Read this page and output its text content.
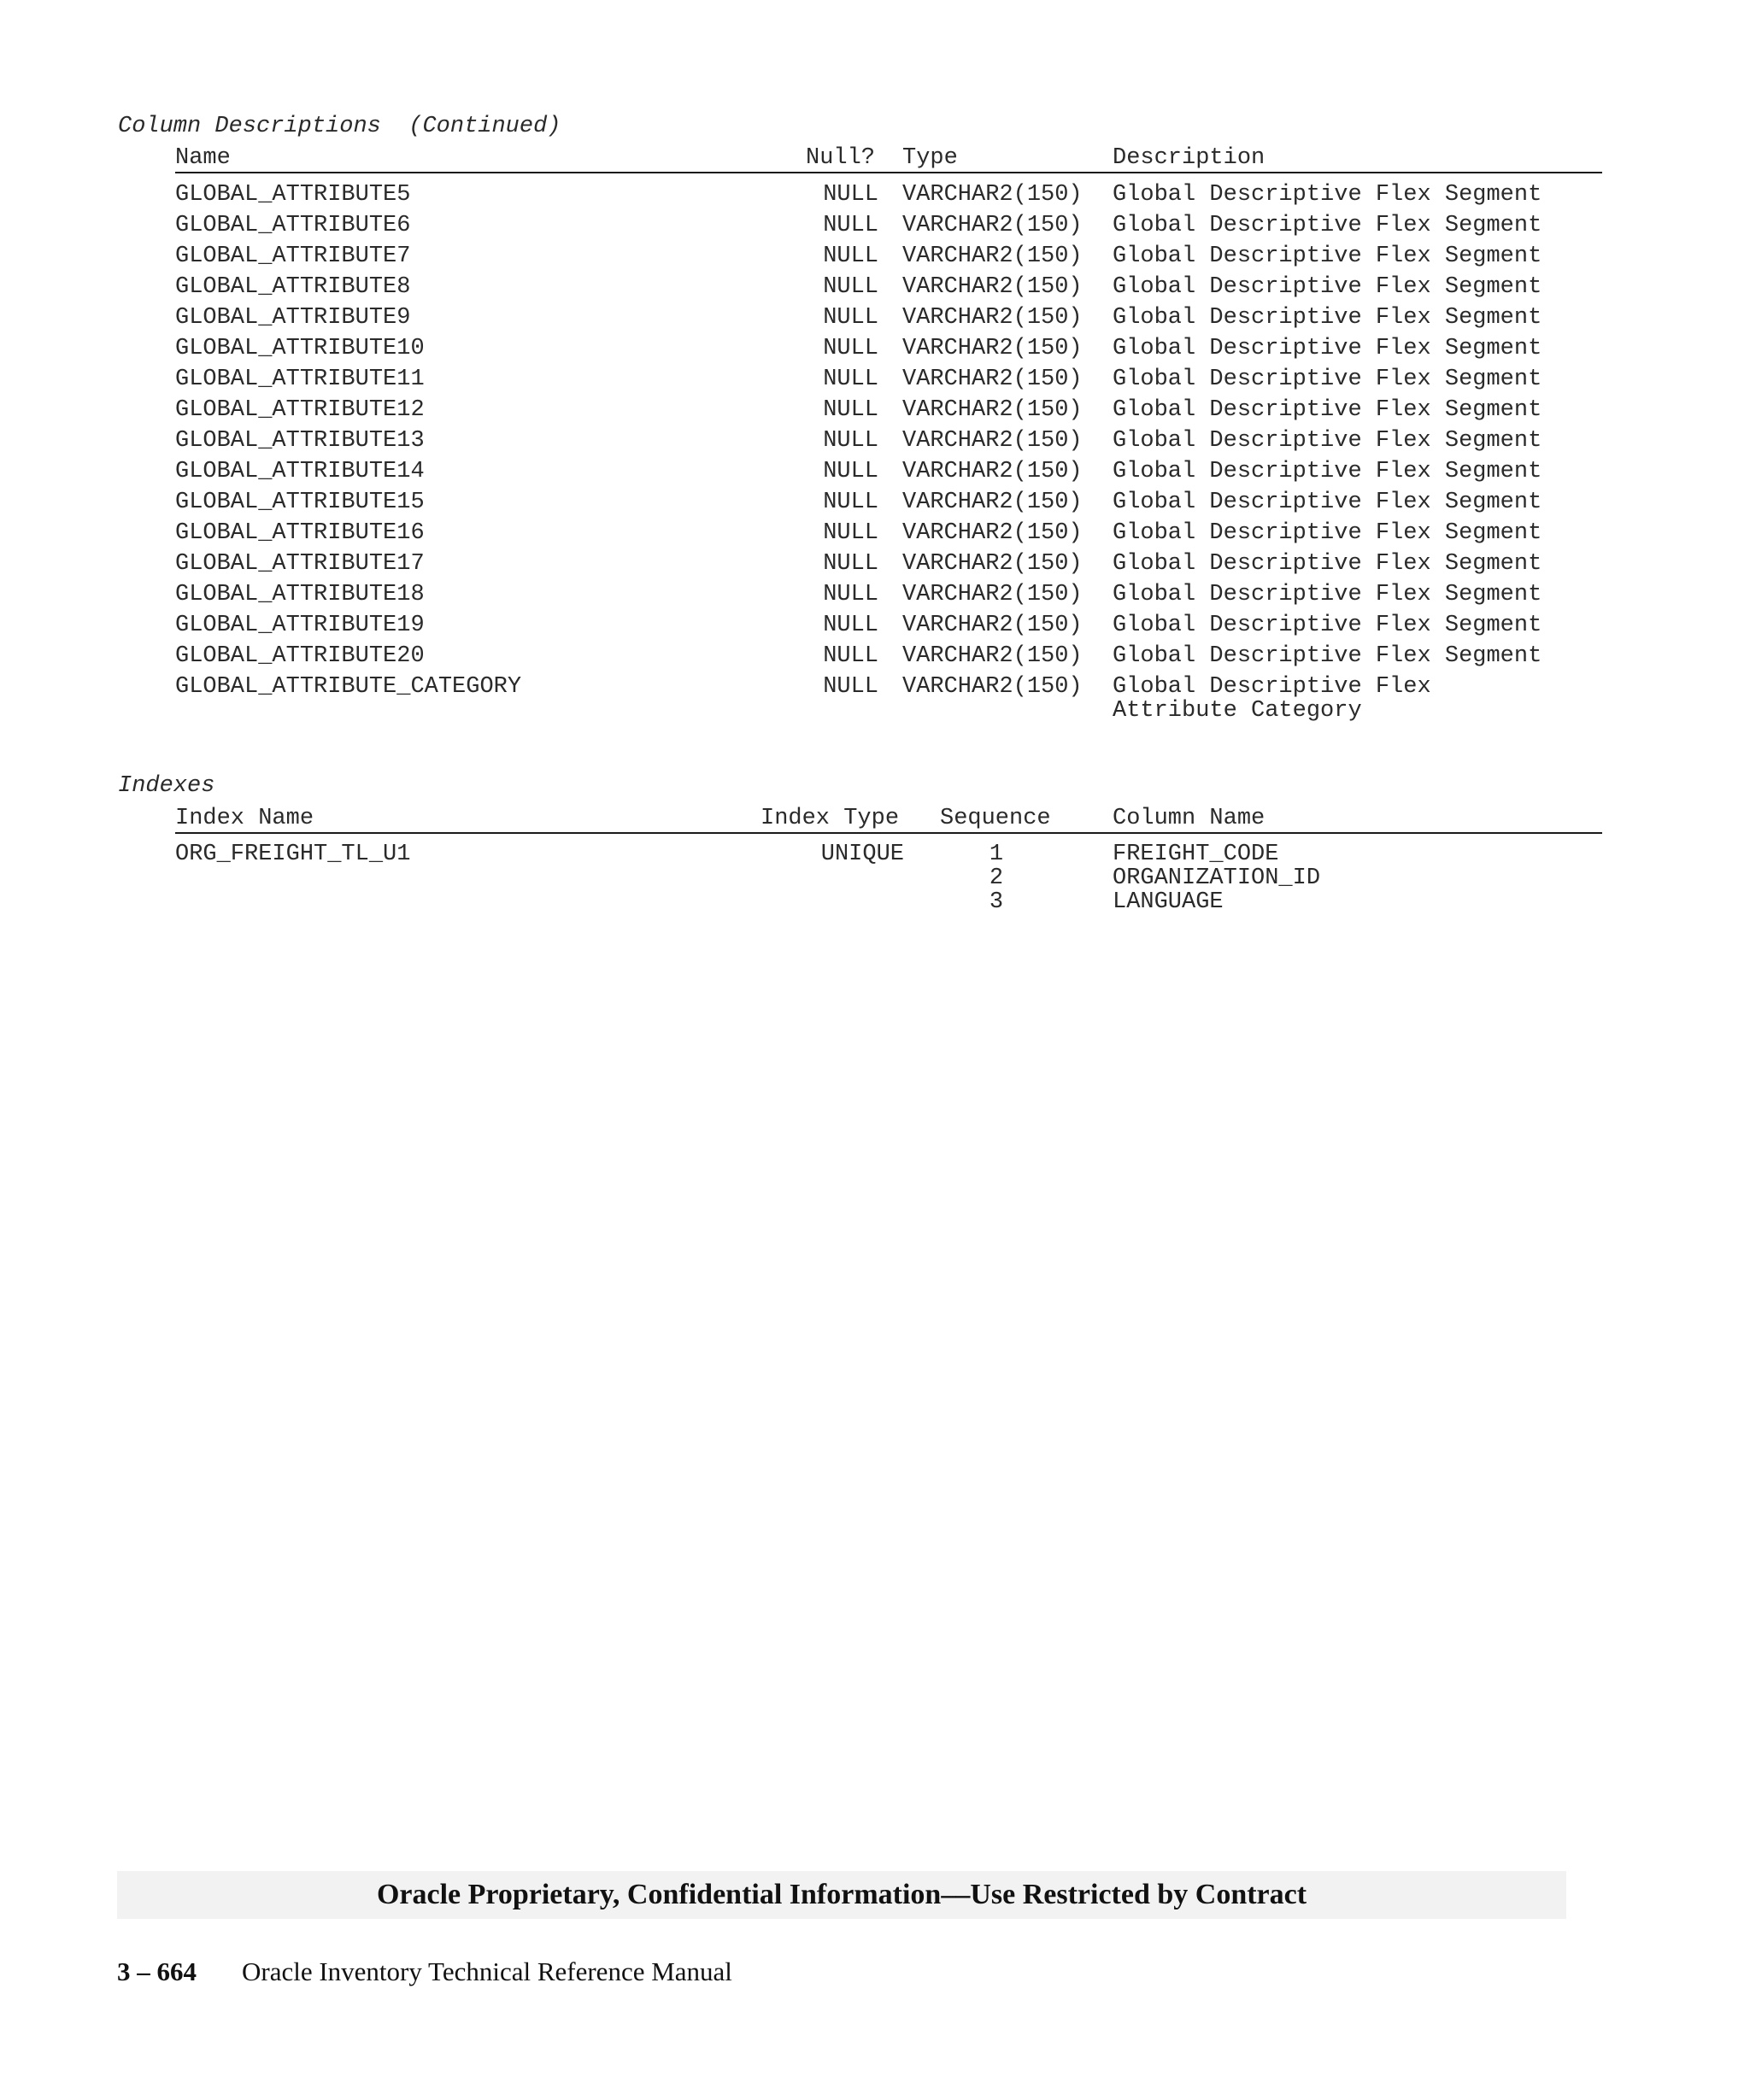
Column Descriptions  (Continued)
Name	Null? Type	Description
GLOBAL_ATTRIBUTE5	NULL VARCHAR2(150) Global Descriptive Flex Segment
GLOBAL_ATTRIBUTE6	NULL VARCHAR2(150) Global Descriptive Flex Segment
GLOBAL_ATTRIBUTE7	NULL VARCHAR2(150) Global Descriptive Flex Segment
GLOBAL_ATTRIBUTE8	NULL VARCHAR2(150) Global Descriptive Flex Segment
GLOBAL_ATTRIBUTE9	NULL VARCHAR2(150) Global Descriptive Flex Segment
GLOBAL_ATTRIBUTE10	NULL VARCHAR2(150) Global Descriptive Flex Segment
GLOBAL_ATTRIBUTE11	NULL VARCHAR2(150) Global Descriptive Flex Segment
GLOBAL_ATTRIBUTE12	NULL VARCHAR2(150) Global Descriptive Flex Segment
GLOBAL_ATTRIBUTE13	NULL VARCHAR2(150) Global Descriptive Flex Segment
GLOBAL_ATTRIBUTE14	NULL VARCHAR2(150) Global Descriptive Flex Segment
GLOBAL_ATTRIBUTE15	NULL VARCHAR2(150) Global Descriptive Flex Segment
GLOBAL_ATTRIBUTE16	NULL VARCHAR2(150) Global Descriptive Flex Segment
GLOBAL_ATTRIBUTE17	NULL VARCHAR2(150) Global Descriptive Flex Segment
GLOBAL_ATTRIBUTE18	NULL VARCHAR2(150) Global Descriptive Flex Segment
GLOBAL_ATTRIBUTE19	NULL VARCHAR2(150) Global Descriptive Flex Segment
GLOBAL_ATTRIBUTE20	NULL VARCHAR2(150) Global Descriptive Flex Segment
GLOBAL_ATTRIBUTE_CATEGORY	NULL VARCHAR2(150) Global Descriptive Flex Attribute Category
Indexes
Index Name	Index Type Sequence	Column Name
ORG_FREIGHT_TL_U1	UNIQUE	1	FREIGHT_CODE
2	ORGANIZATION_ID
3	LANGUAGE
Oracle Proprietary, Confidential Information––Use Restricted by Contract
3 – 664 Oracle Inventory Technical Reference Manual
